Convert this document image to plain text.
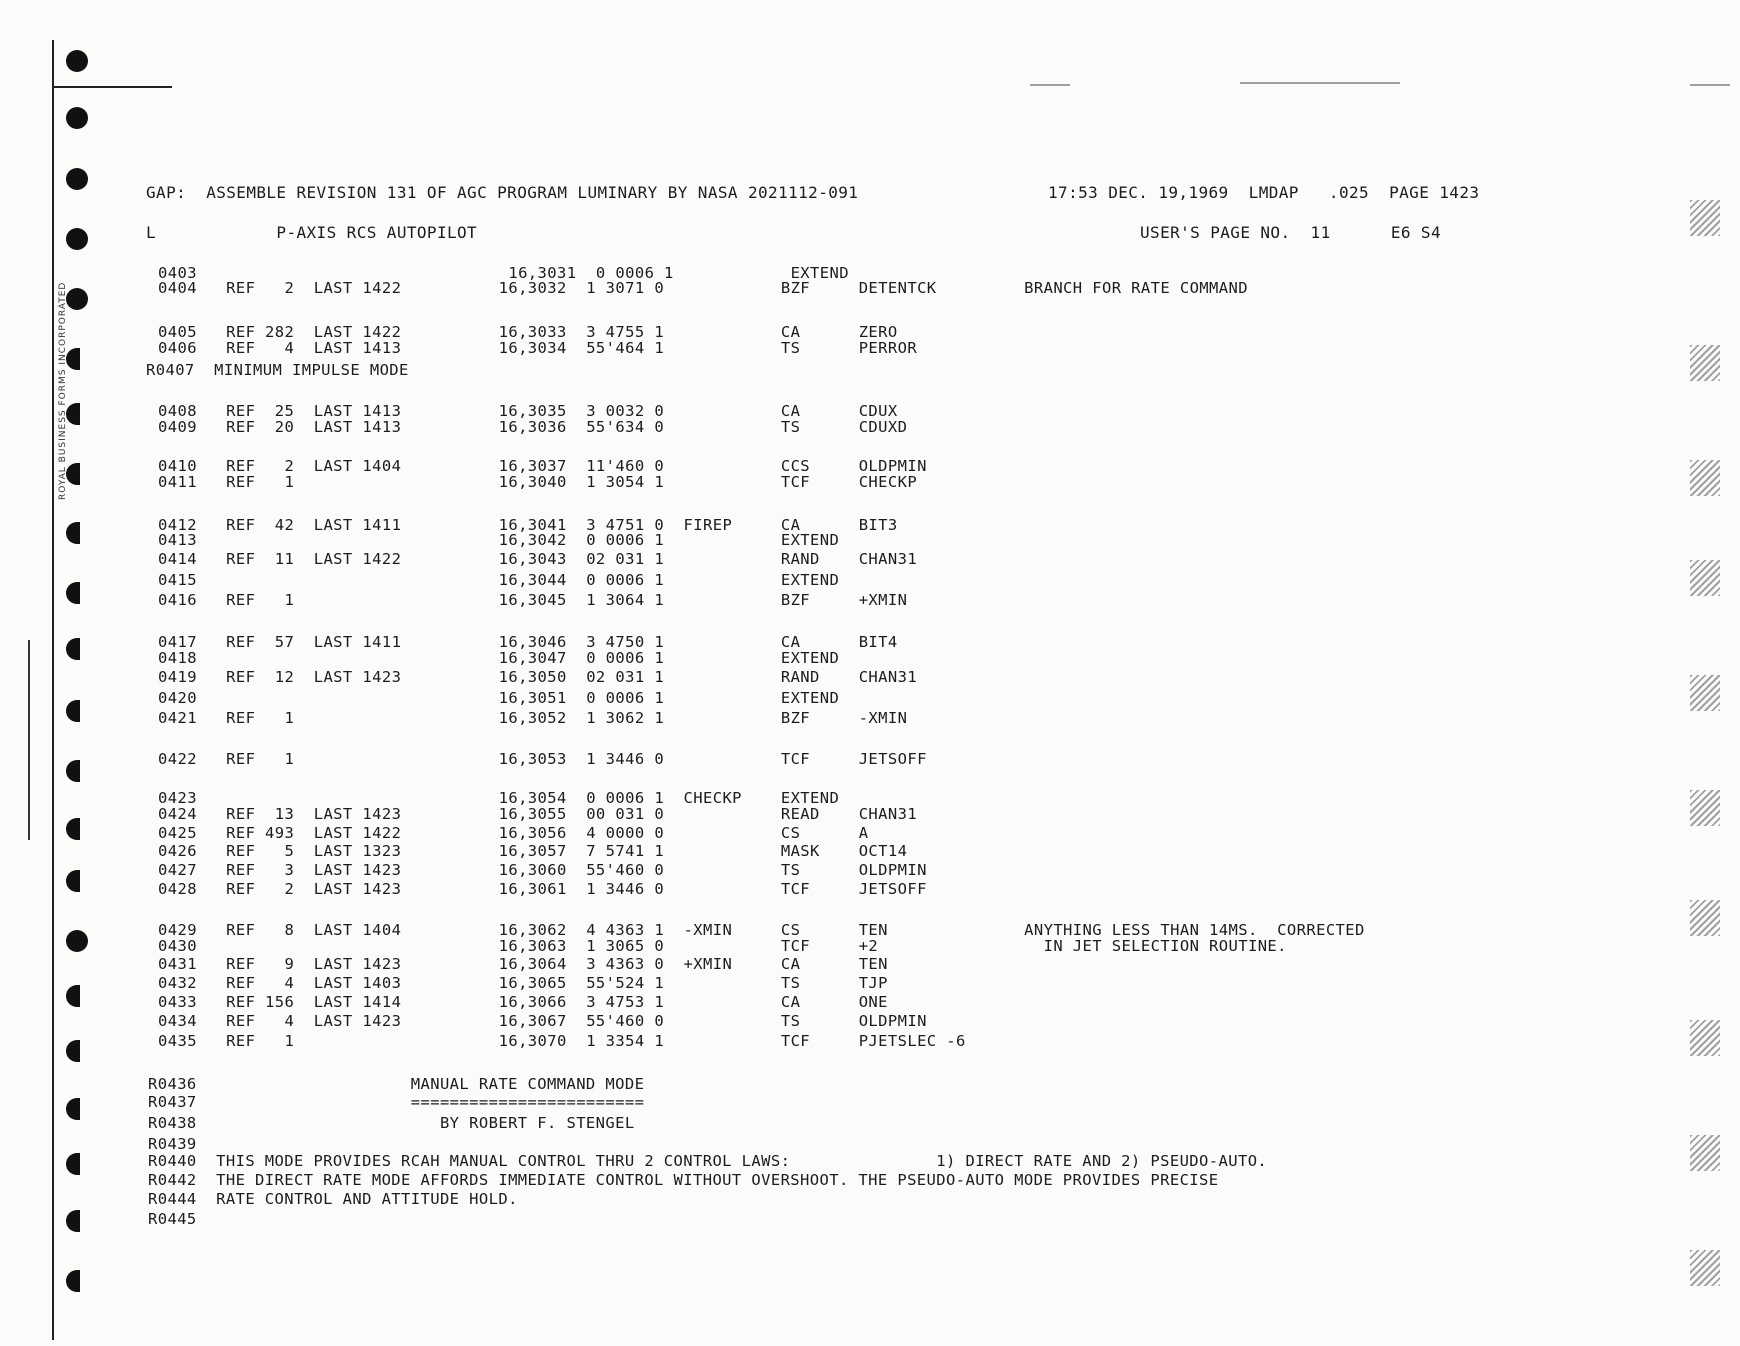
ROYAL BUSINESS FORMS INCORPORATED
GAP:  ASSEMBLE REVISION 131 OF AGC PROGRAM LUMINARY BY NASA 2021112-091	17:53 DEC. 19,1969  LMDAP   .025  PAGE 1423
L            P-AXIS RCS AUTOPILOT	USER'S PAGE NO.  11      E6 S4
0403                                16,3031  0 0006 1            EXTEND
0404   REF   2  LAST 1422          16,3032  1 3071 0            BZF     DETENTCK         BRANCH FOR RATE COMMAND
0405   REF 282  LAST 1422          16,3033  3 4755 1            CA      ZERO
0406   REF   4  LAST 1413          16,3034  55'464 1            TS      PERROR
R0407  MINIMUM IMPULSE MODE
0408   REF  25  LAST 1413          16,3035  3 0032 0            CA      CDUX
0409   REF  20  LAST 1413          16,3036  55'634 0            TS      CDUXD
0410   REF   2  LAST 1404          16,3037  11'460 0            CCS     OLDPMIN
0411   REF   1                     16,3040  1 3054 1            TCF     CHECKP
0412   REF  42  LAST 1411          16,3041  3 4751 0  FIREP     CA      BIT3
0413                               16,3042  0 0006 1            EXTEND
0414   REF  11  LAST 1422          16,3043  02 031 1            RAND    CHAN31
0415                               16,3044  0 0006 1            EXTEND
0416   REF   1                     16,3045  1 3064 1            BZF     +XMIN
0417   REF  57  LAST 1411          16,3046  3 4750 1            CA      BIT4
0418                               16,3047  0 0006 1            EXTEND
0419   REF  12  LAST 1423          16,3050  02 031 1            RAND    CHAN31
0420                               16,3051  0 0006 1            EXTEND
0421   REF   1                     16,3052  1 3062 1            BZF     -XMIN
0422   REF   1                     16,3053  1 3446 0            TCF     JETSOFF
0423                               16,3054  0 0006 1  CHECKP    EXTEND
0424   REF  13  LAST 1423          16,3055  00 031 0            READ    CHAN31
0425   REF 493  LAST 1422          16,3056  4 0000 0            CS      A
0426   REF   5  LAST 1323          16,3057  7 5741 1            MASK    OCT14
0427   REF   3  LAST 1423          16,3060  55'460 0            TS      OLDPMIN
0428   REF   2  LAST 1423          16,3061  1 3446 0            TCF     JETSOFF
0429   REF   8  LAST 1404          16,3062  4 4363 1  -XMIN     CS      TEN              ANYTHING LESS THAN 14MS.  CORRECTED
0430                               16,3063  1 3065 0            TCF     +2                 IN JET SELECTION ROUTINE.
0431   REF   9  LAST 1423          16,3064  3 4363 0  +XMIN     CA      TEN
0432   REF   4  LAST 1403          16,3065  55'524 1            TS      TJP
0433   REF 156  LAST 1414          16,3066  3 4753 1            CA      ONE
0434   REF   4  LAST 1423          16,3067  55'460 0            TS      OLDPMIN
0435   REF   1                     16,3070  1 3354 1            TCF     PJETSLEC -6
R0436                      MANUAL RATE COMMAND MODE
R0437                      ========================
R0438                         BY ROBERT F. STENGEL
R0439
R0440  THIS MODE PROVIDES RCAH MANUAL CONTROL THRU 2 CONTROL LAWS:               1) DIRECT RATE AND 2) PSEUDO-AUTO.
R0442  THE DIRECT RATE MODE AFFORDS IMMEDIATE CONTROL WITHOUT OVERSHOOT. THE PSEUDO-AUTO MODE PROVIDES PRECISE
R0444  RATE CONTROL AND ATTITUDE HOLD.
R0445
